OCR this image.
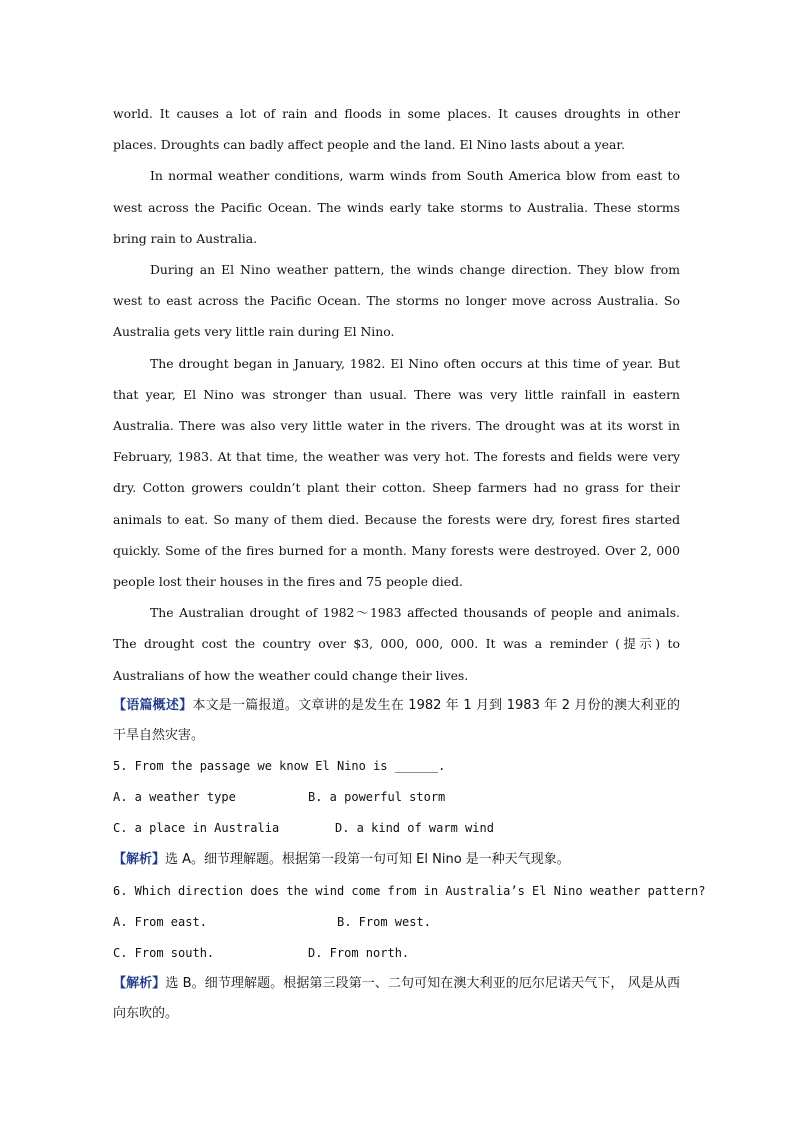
world. It causes a lot of rain and floods in some places. It causes droughts in other places. Droughts can badly affect people and the land. El Nino lasts about a year.

In normal weather conditions, warm winds from South America blow from east to west across the Pacific Ocean. The winds early take storms to Australia. These storms bring rain to Australia.

During an El Nino weather pattern, the winds change direction. They blow from west to east across the Pacific Ocean. The storms no longer move across Australia. So Australia gets very little rain during El Nino.

The drought began in January, 1982. El Nino often occurs at this time of year. But that year, El Nino was stronger than usual. There was very little rainfall in eastern Australia. There was also very little water in the rivers. The drought was at its worst in February, 1983. At that time, the weather was very hot. The forests and fields were very dry. Cotton growers couldn’t plant their cotton. Sheep farmers had no grass for their animals to eat. So many of them died. Because the forests were dry, forest fires started quickly. Some of the fires burned for a month. Many forests were destroyed. Over 2, 000 people lost their houses in the fires and 75 people died.

The Australian drought of 1982～1983 affected thousands of people and animals. The drought cost the country over $3, 000, 000, 000. It was a reminder (提示) to Australians of how the weather could change their lives.

【语篇概述】本文是一篇报道。文章讲的是发生在 1982 年 1 月到 1983 年 2 月份的澳大利亚的干旱自然灾害。

5. From the passage we know El Nino is ______.
A. a weather type	B. a powerful storm
C. a place in Australia	D. a kind of warm wind

【解析】选 A。细节理解题。根据第一段第一句可知 El Nino 是一种天气现象。

6. Which direction does the wind come from in Australia’s El Nino weather pattern?
A. From east.	B. From west.
C. From south.	D. From north.

【解析】选 B。细节理解题。根据第三段第一、二句可知在澳大利亚的厄尔尼诺天气下， 风是从西向东吹的。
